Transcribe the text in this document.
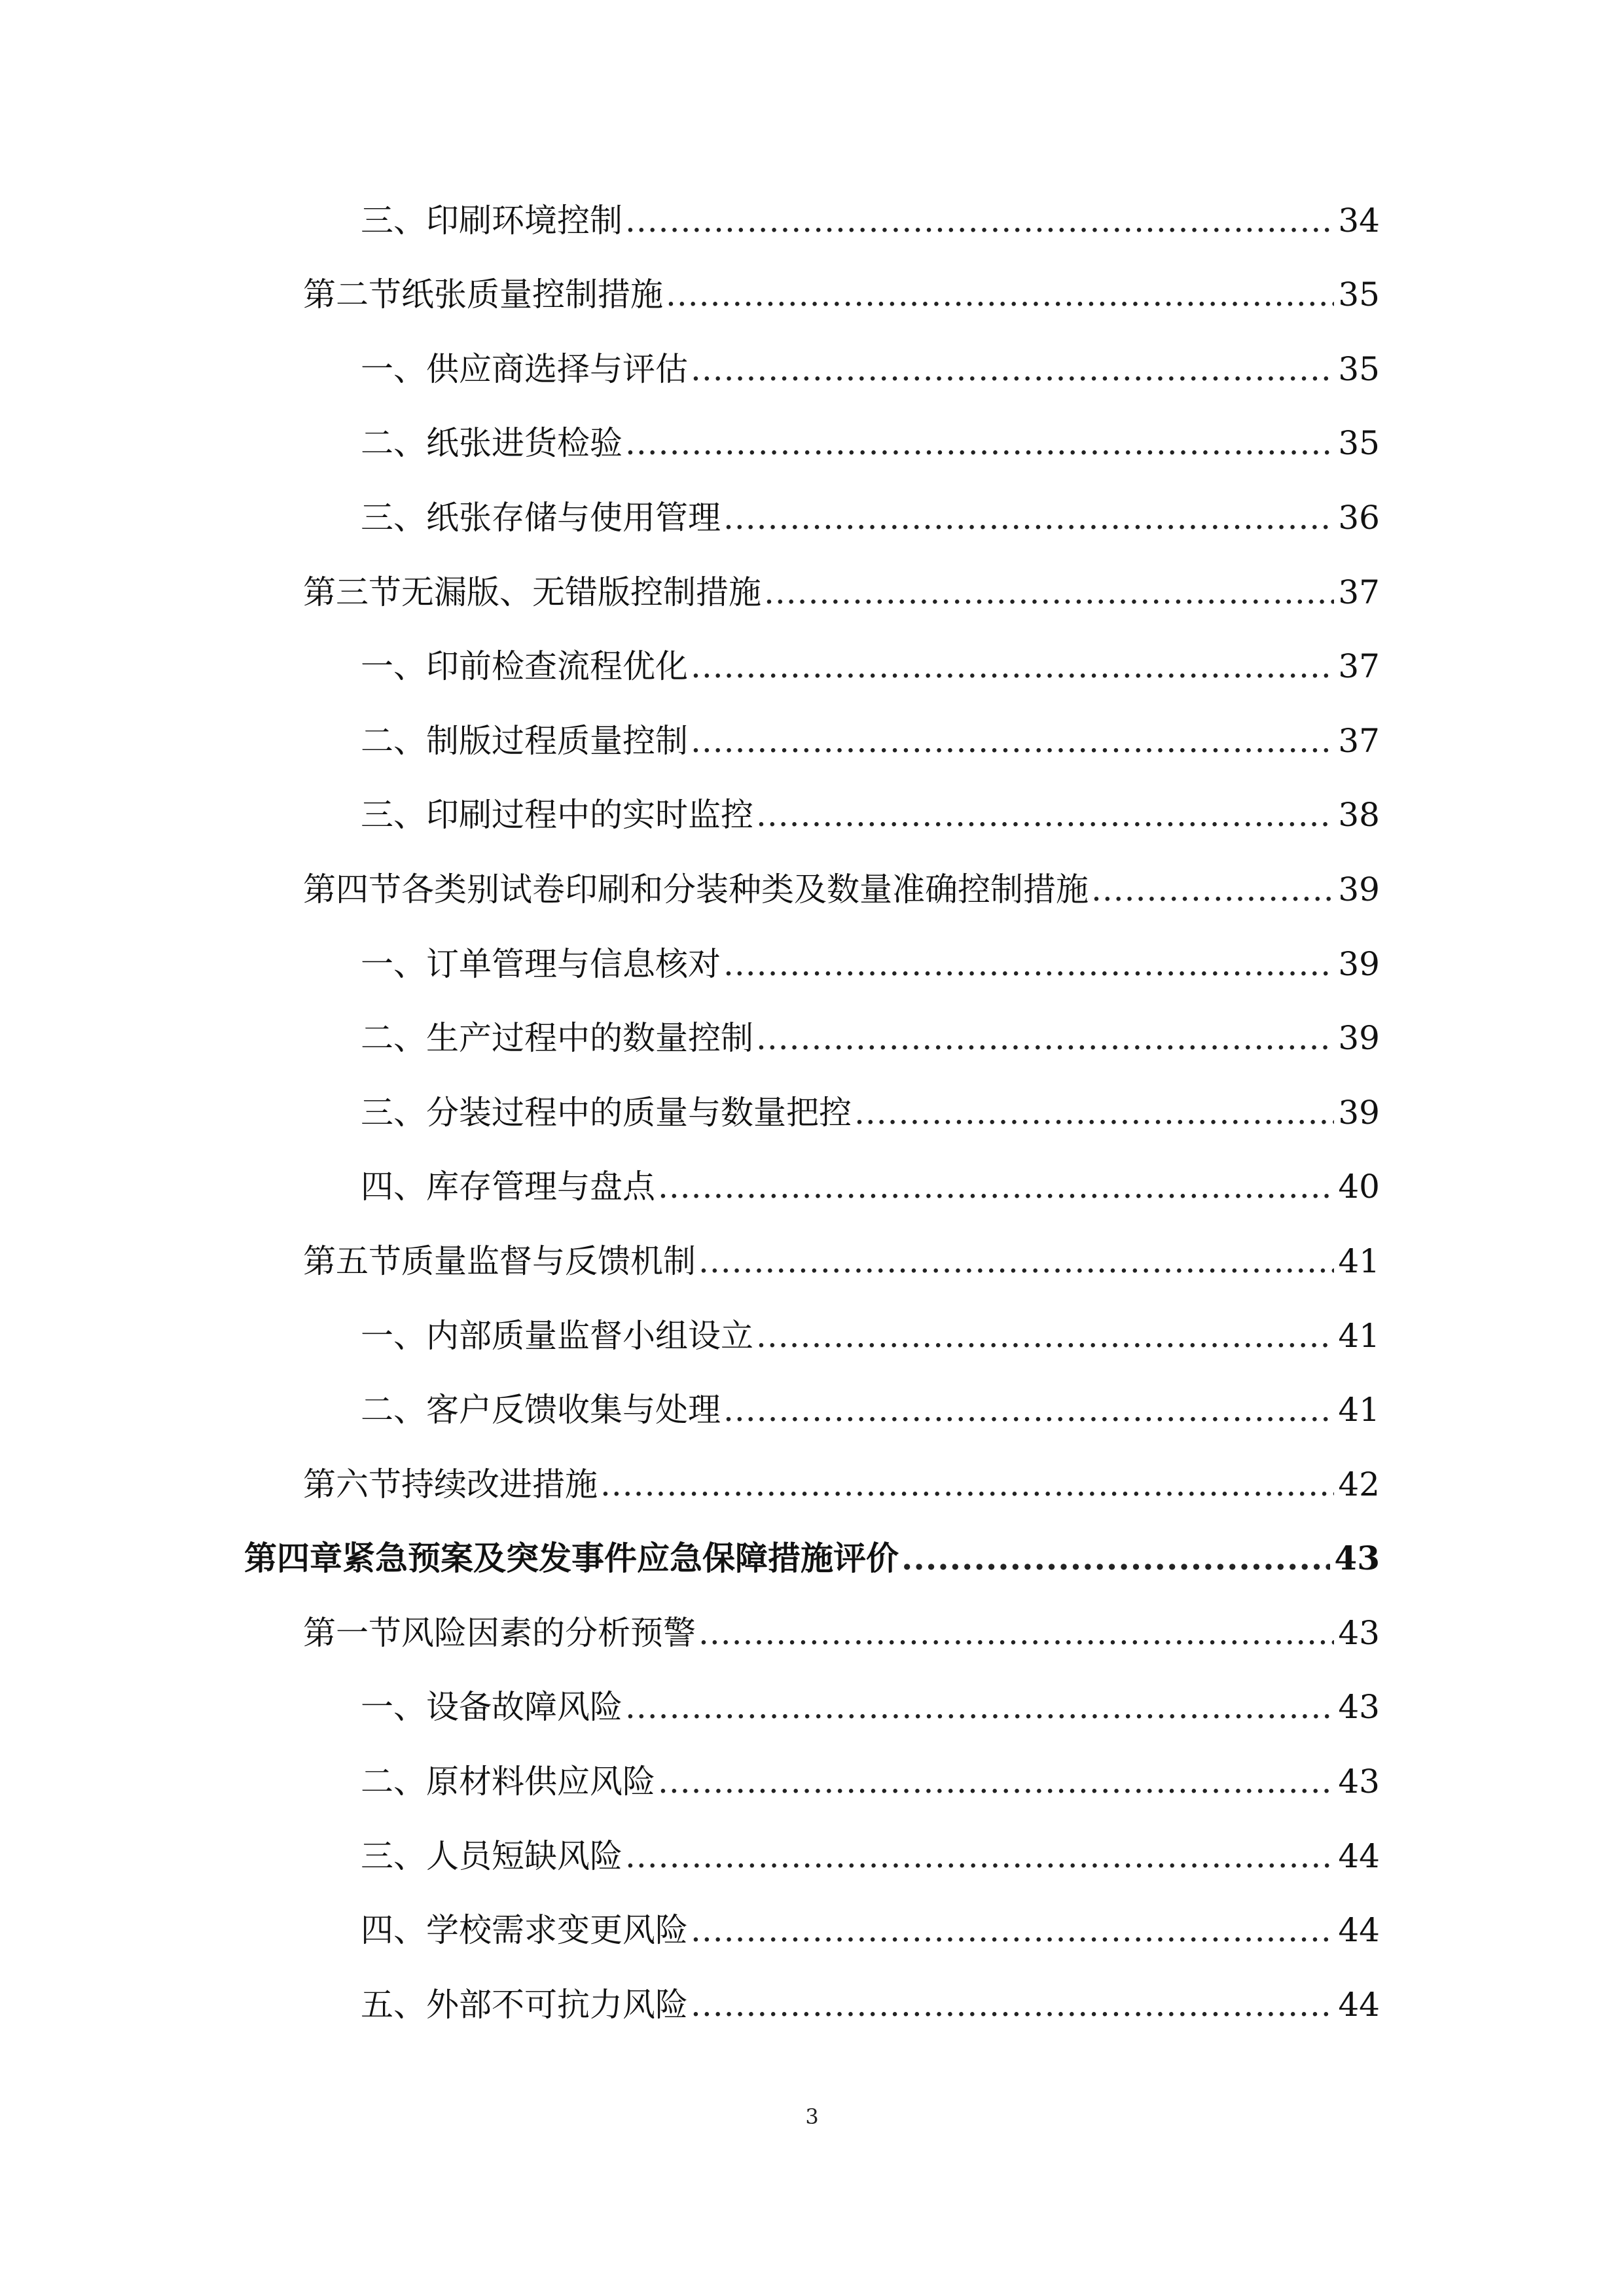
三、 印刷环境控制 .....	34
第二节 纸张质量控制措施 .....	35
一、 供应商选择与评估 .....	35
二、 纸张进货检验 .....	35
三、 纸张存储与使用管理 .....	36
第三节 无漏版、无错版控制措施 .....	37
一、 印前检查流程优化 .....	37
二、 制版过程质量控制 .....	37
三、 印刷过程中的实时监控 .....	38
第四节 各类别试卷印刷和分装种类及数量准确控制措施 .....	39
一、 订单管理与信息核对 .....	39
二、 生产过程中的数量控制 .....	39
三、 分装过程中的质量与数量把控 .....	39
四、 库存管理与盘点 .....	40
第五节 质量监督与反馈机制 .....	41
一、 内部质量监督小组设立 .....	41
二、 客户反馈收集与处理 .....	41
第六节 持续改进措施 .....	42
第四章 紧急预案及突发事件应急保障措施评价 .....	43
第一节 风险因素的分析预警 .....	43
一、 设备故障风险 .....	43
二、 原材料供应风险 .....	43
三、 人员短缺风险 .....	44
四、 学校需求变更风险 .....	44
五、 外部不可抗力风险 .....	44
3
